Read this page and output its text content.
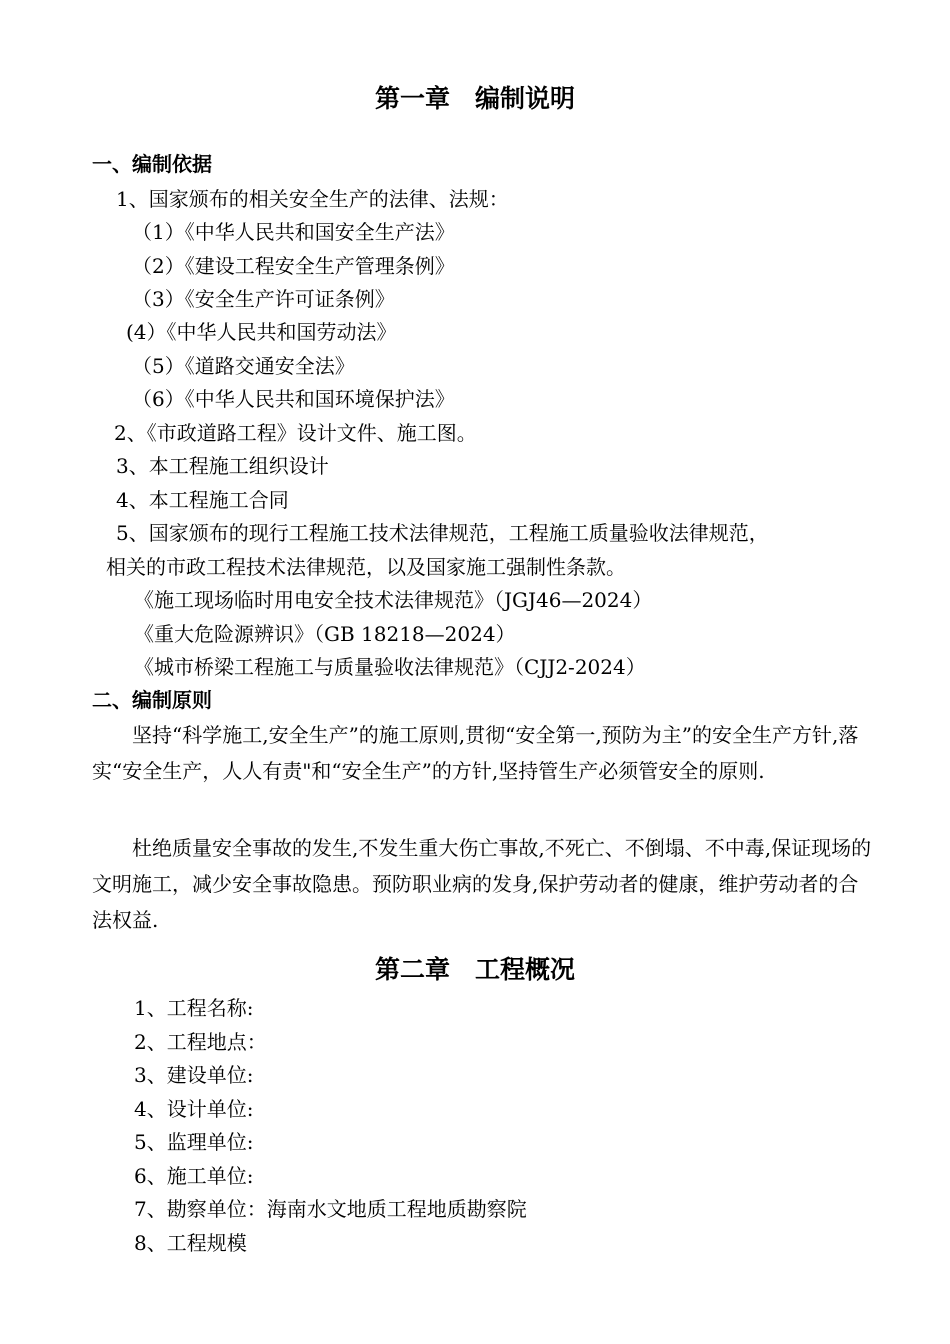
第一章　编制说明
一、编制依据
1、国家颁布的相关安全生产的法律、法规：
（1）《中华人民共和国安全生产法》
（2）《建设工程安全生产管理条例》
（3）《安全生产许可证条例》
(4）《中华人民共和国劳动法》
（5）《道路交通安全法》
（6）《中华人民共和国环境保护法》
2、《市政道路工程》设计文件、施工图。
3、本工程施工组织设计
4、本工程施工合同
5、国家颁布的现行工程施工技术法律规范，工程施工质量验收法律规范，
相关的市政工程技术法律规范，以及国家施工强制性条款。
《施工现场临时用电安全技术法律规范》（JGJ46—2024）
《重大危险源辨识》（GB 18218—2024）
《城市桥梁工程施工与质量验收法律规范》（CJJ2-2024）
二、编制原则
坚持“科学施工,安全生产”的施工原则,贯彻“安全第一,预防为主”的安全生产方针,落实“安全生产，人人有责"和“安全生产”的方针,坚持管生产必须管安全的原则.
杜绝质量安全事故的发生,不发生重大伤亡事故,不死亡、不倒塌、不中毒,保证现场的文明施工，减少安全事故隐患。预防职业病的发身,保护劳动者的健康，维护劳动者的合法权益.
第二章　工程概况
1、工程名称:
2、工程地点：
3、建设单位:
4、设计单位:
5、监理单位:
6、施工单位:
7、勘察单位：海南水文地质工程地质勘察院
8、工程规模
